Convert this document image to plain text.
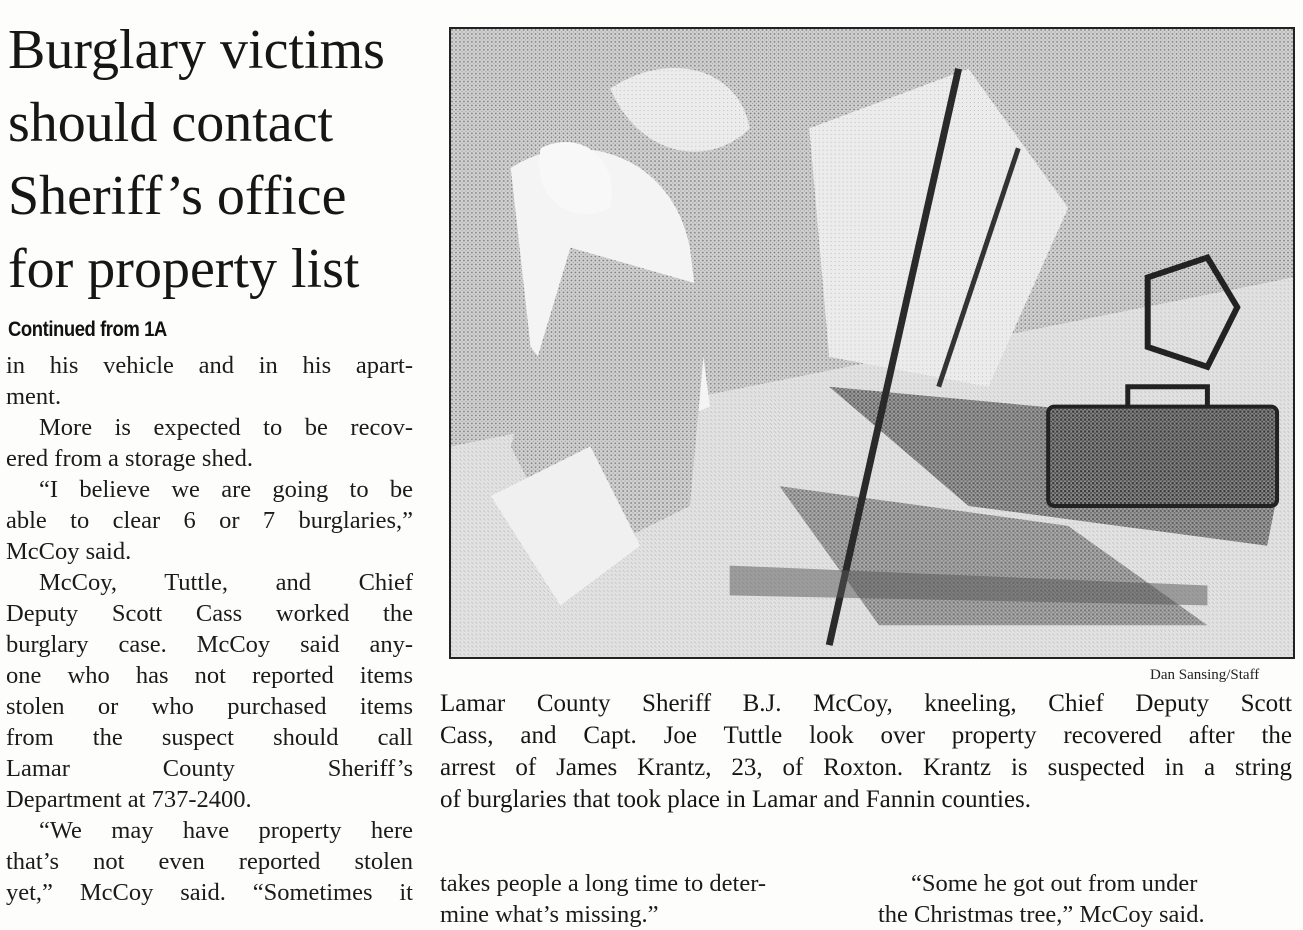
Burglary victims
should contact
Sheriff’s office
for property list
Continued from 1A
in his vehicle and in his apart-
ment.
More is expected to be recov-
ered from a storage shed.
“I believe we are going to be
able to clear 6 or 7 burglaries,”
McCoy said.
McCoy, Tuttle, and Chief
Deputy Scott Cass worked the
burglary case. McCoy said any-
one who has not reported items
stolen or who purchased items
from the suspect should call
Lamar County Sheriff’s
Department at 737-2400.
“We may have property here
that’s not even reported stolen
yet,” McCoy said. “Sometimes it
Dan Sansing/Staff
Lamar County Sheriff B.J. McCoy, kneeling, Chief Deputy Scott
Cass, and Capt. Joe Tuttle look over property recovered after the
arrest of James Krantz, 23, of Roxton. Krantz is suspected in a string
of burglaries that took place in Lamar and Fannin counties.
takes people a long time to deter-
mine what’s missing.”
“Some he got out from under
the Christmas tree,” McCoy said.
